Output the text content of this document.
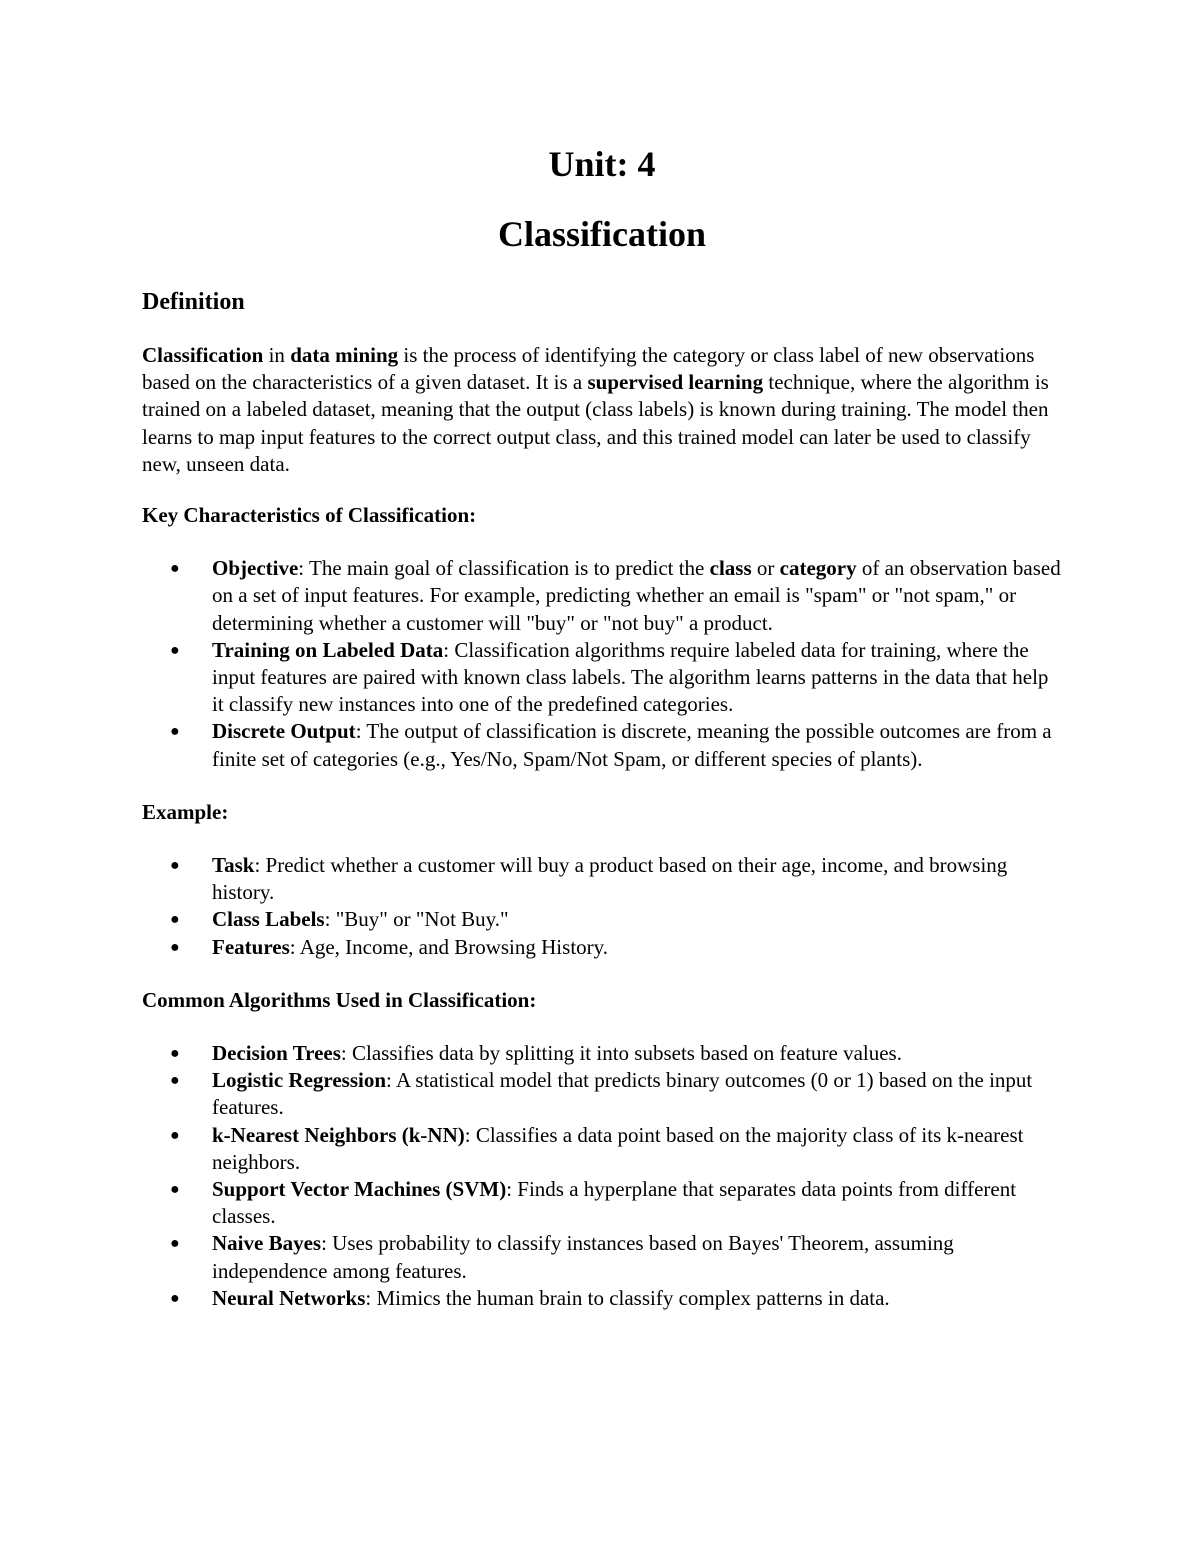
Unit: 4
Classification
Definition

Classification in data mining is the process of identifying the category or class label of new observations based on the characteristics of a given dataset. It is a supervised learning technique, where the algorithm is trained on a labeled dataset, meaning that the output (class labels) is known during training. The model then learns to map input features to the correct output class, and this trained model can later be used to classify new, unseen data.

Key Characteristics of Classification:
● Objective: The main goal of classification is to predict the class or category of an observation based on a set of input features. For example, predicting whether an email is "spam" or "not spam," or determining whether a customer will "buy" or "not buy" a product.
● Training on Labeled Data: Classification algorithms require labeled data for training, where the input features are paired with known class labels. The algorithm learns patterns in the data that help it classify new instances into one of the predefined categories.
● Discrete Output: The output of classification is discrete, meaning the possible outcomes are from a finite set of categories (e.g., Yes/No, Spam/Not Spam, or different species of plants).
Example:
● Task: Predict whether a customer will buy a product based on their age, income, and browsing history.
● Class Labels: "Buy" or "Not Buy."
● Features: Age, Income, and Browsing History.
Common Algorithms Used in Classification:
● Decision Trees: Classifies data by splitting it into subsets based on feature values.
● Logistic Regression: A statistical model that predicts binary outcomes (0 or 1) based on the input features.
● k-Nearest Neighbors (k-NN): Classifies a data point based on the majority class of its k-nearest neighbors.
● Support Vector Machines (SVM): Finds a hyperplane that separates data points from different classes.
● Naive Bayes: Uses probability to classify instances based on Bayes' Theorem, assuming independence among features.
● Neural Networks: Mimics the human brain to classify complex patterns in data.
